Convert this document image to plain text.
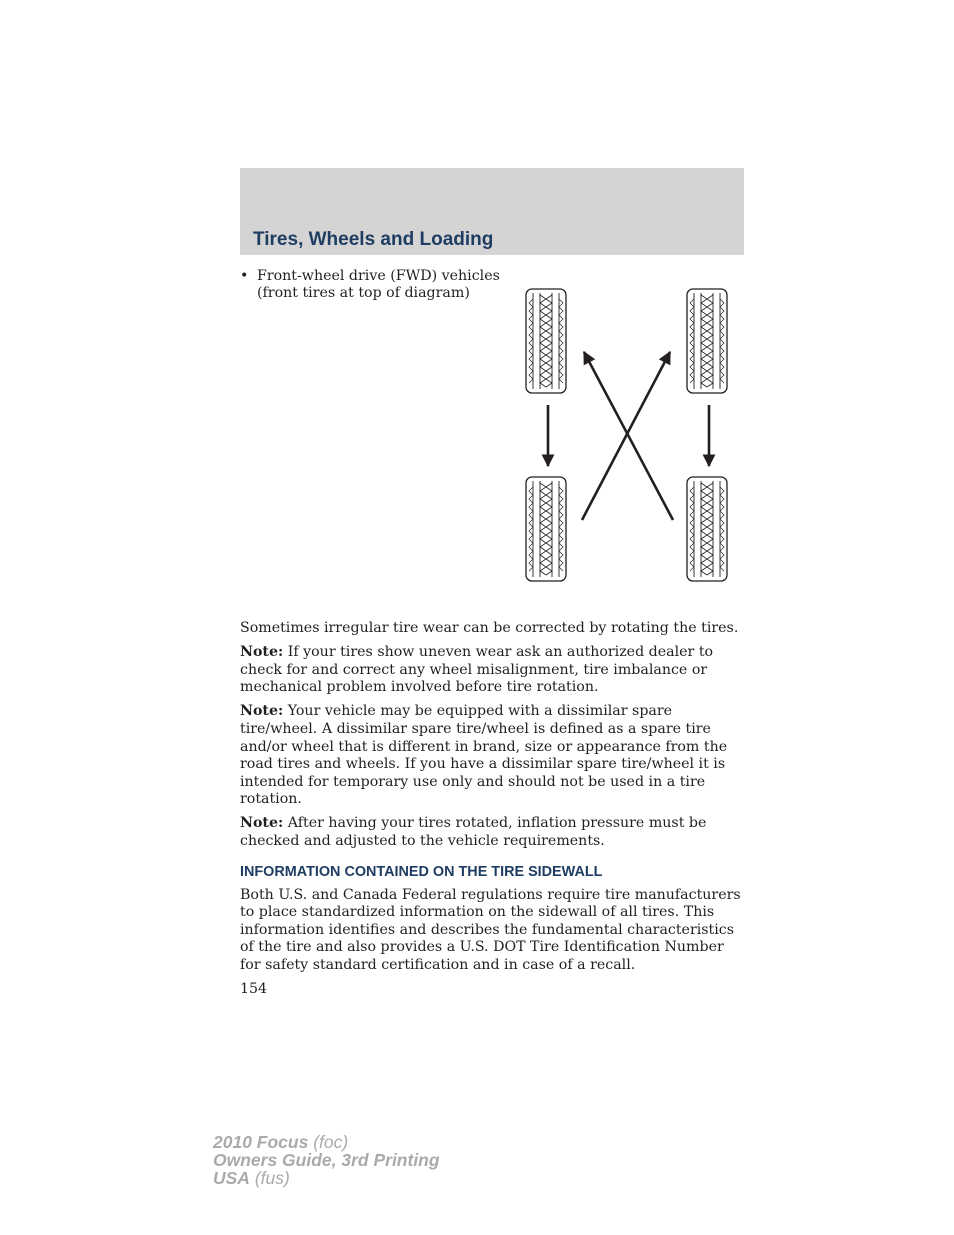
Tires, Wheels and Loading
• Front-wheel drive (FWD) vehicles (front tires at top of diagram)

Sometimes irregular tire wear can be corrected by rotating the tires.

Note: If your tires show uneven wear ask an authorized dealer to check for and correct any wheel misalignment, tire imbalance or mechanical problem involved before tire rotation.

Note: Your vehicle may be equipped with a dissimilar spare tire/wheel. A dissimilar spare tire/wheel is defined as a spare tire and/or wheel that is different in brand, size or appearance from the road tires and wheels. If you have a dissimilar spare tire/wheel it is intended for temporary use only and should not be used in a tire rotation.

Note: After having your tires rotated, inflation pressure must be checked and adjusted to the vehicle requirements.

INFORMATION CONTAINED ON THE TIRE SIDEWALL

Both U.S. and Canada Federal regulations require tire manufacturers to place standardized information on the sidewall of all tires. This information identifies and describes the fundamental characteristics of the tire and also provides a U.S. DOT Tire Identification Number for safety standard certification and in case of a recall.

154
2010 Focus (foc)
Owners Guide, 3rd Printing
USA (fus)
